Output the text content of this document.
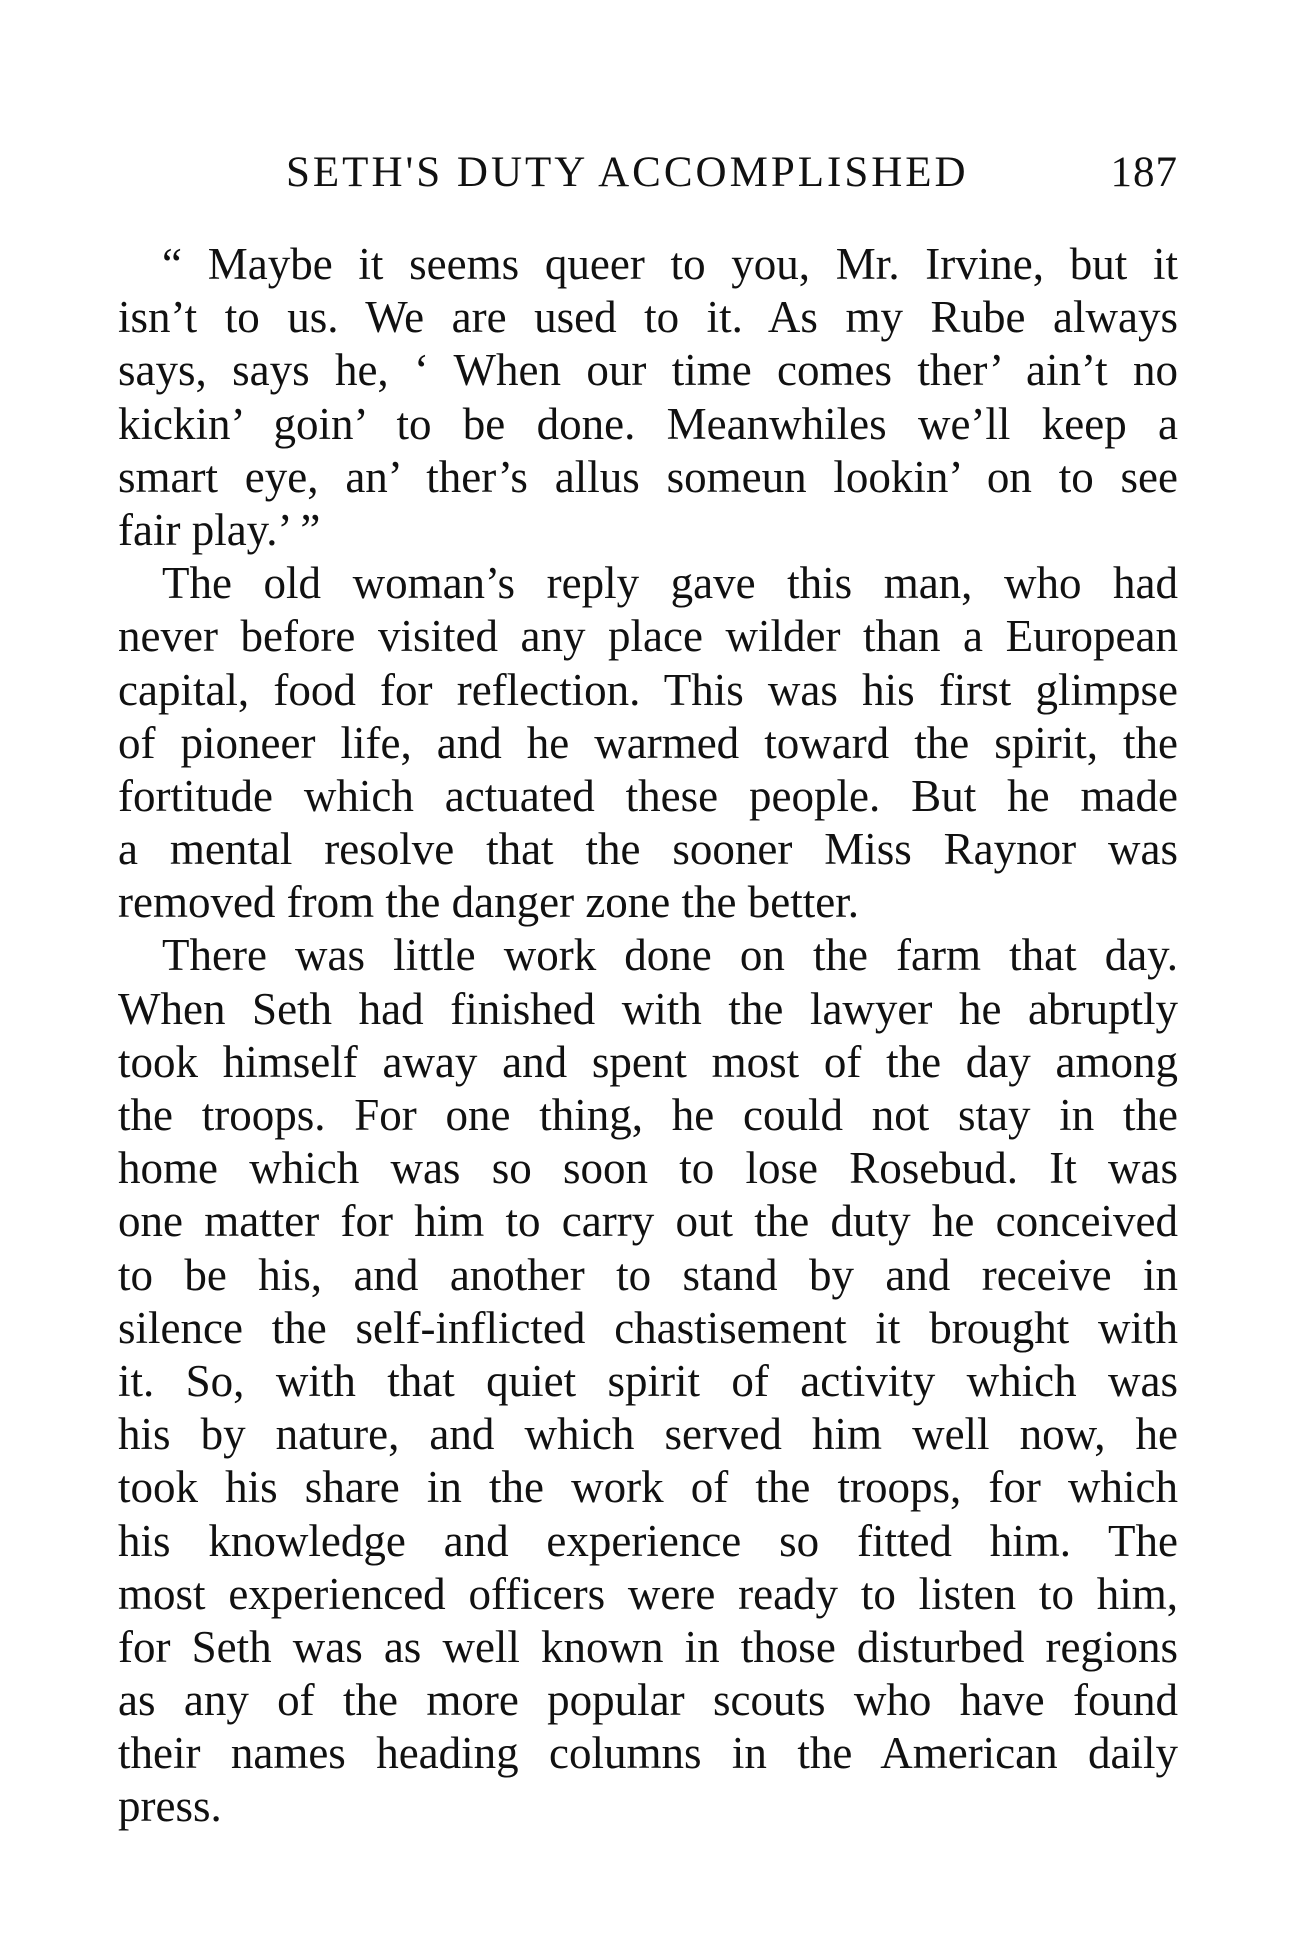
SETH'S DUTY ACCOMPLISHED	187
“ Maybe it seems queer to you, Mr. Irvine, but it
isn’t to us. We are used to it. As my Rube always
says, says he, ‘ When our time comes ther’ ain’t no
kickin’ goin’ to be done. Meanwhiles we’ll keep a
smart eye, an’ ther’s allus someun lookin’ on to see
fair play.’ ”
The old woman’s reply gave this man, who had
never before visited any place wilder than a European
capital, food for reflection. This was his first glimpse
of pioneer life, and he warmed toward the spirit, the
fortitude which actuated these people. But he made
a mental resolve that the sooner Miss Raynor was
removed from the danger zone the better.
There was little work done on the farm that day.
When Seth had finished with the lawyer he abruptly
took himself away and spent most of the day among
the troops. For one thing, he could not stay in the
home which was so soon to lose Rosebud. It was
one matter for him to carry out the duty he conceived
to be his, and another to stand by and receive in
silence the self-inflicted chastisement it brought with
it. So, with that quiet spirit of activity which was
his by nature, and which served him well now, he
took his share in the work of the troops, for which
his knowledge and experience so fitted him. The
most experienced officers were ready to listen to him,
for Seth was as well known in those disturbed regions
as any of the more popular scouts who have found
their names heading columns in the American daily
press.
